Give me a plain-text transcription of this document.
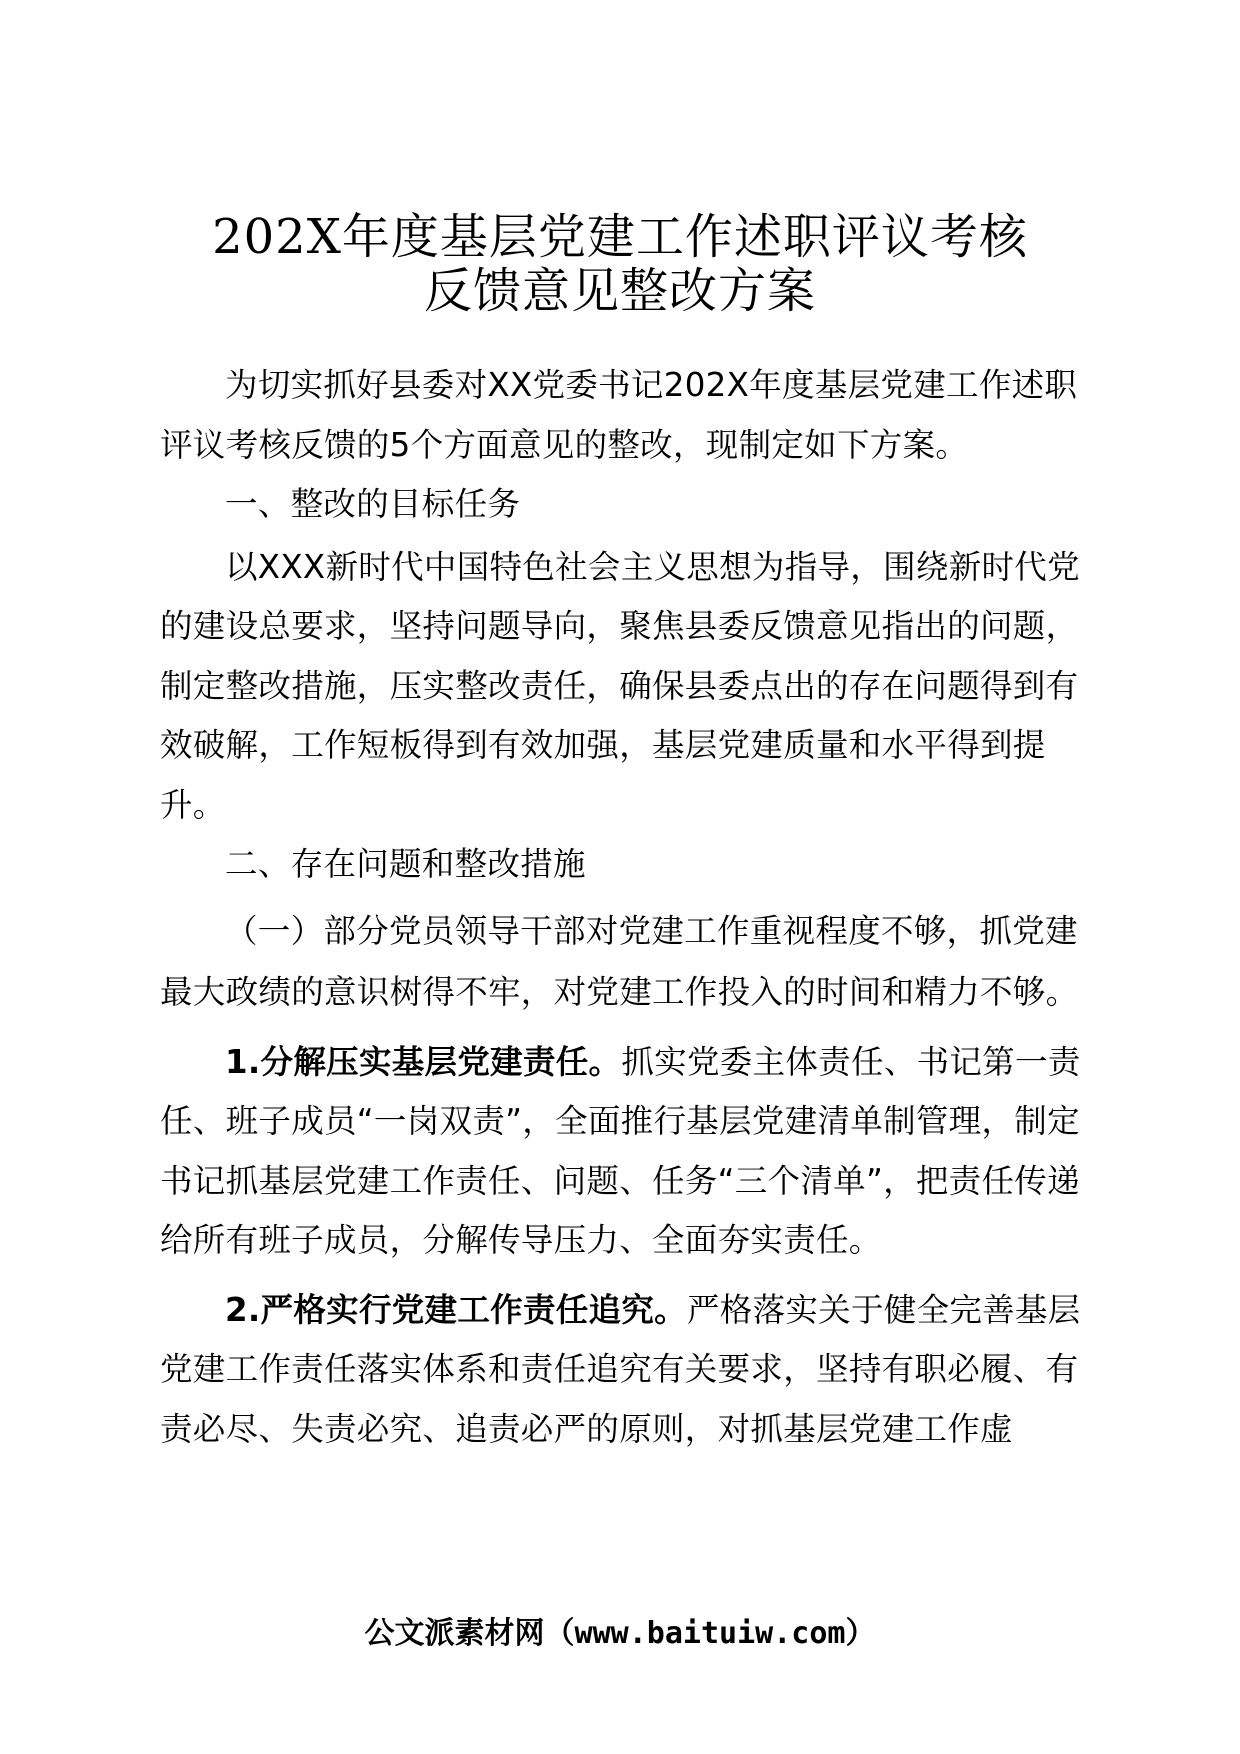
202X年度基层党建工作述职评议考核
反馈意见整改方案

为切实抓好县委对XX党委书记202X年度基层党建工作述职评议考核反馈的5个方面意见的整改，现制定如下方案。

一、整改的目标任务

以XXX新时代中国特色社会主义思想为指导，围绕新时代党的建设总要求，坚持问题导向，聚焦县委反馈意见指出的问题，制定整改措施，压实整改责任，确保县委点出的存在问题得到有效破解，工作短板得到有效加强，基层党建质量和水平得到提升。

二、存在问题和整改措施

（一）部分党员领导干部对党建工作重视程度不够，抓党建最大政绩的意识树得不牢，对党建工作投入的时间和精力不够。

1.分解压实基层党建责任。抓实党委主体责任、书记第一责任、班子成员“一岗双责”，全面推行基层党建清单制管理，制定书记抓基层党建工作责任、问题、任务“三个清单”，把责任传递给所有班子成员，分解传导压力、全面夯实责任。

2.严格实行党建工作责任追究。严格落实关于健全完善基层党建工作责任落实体系和责任追究有关要求，坚持有职必履、有责必尽、失责必究、追责必严的原则，对抓基层党建工作虚

公文派素材网（www.baituiw.com）
